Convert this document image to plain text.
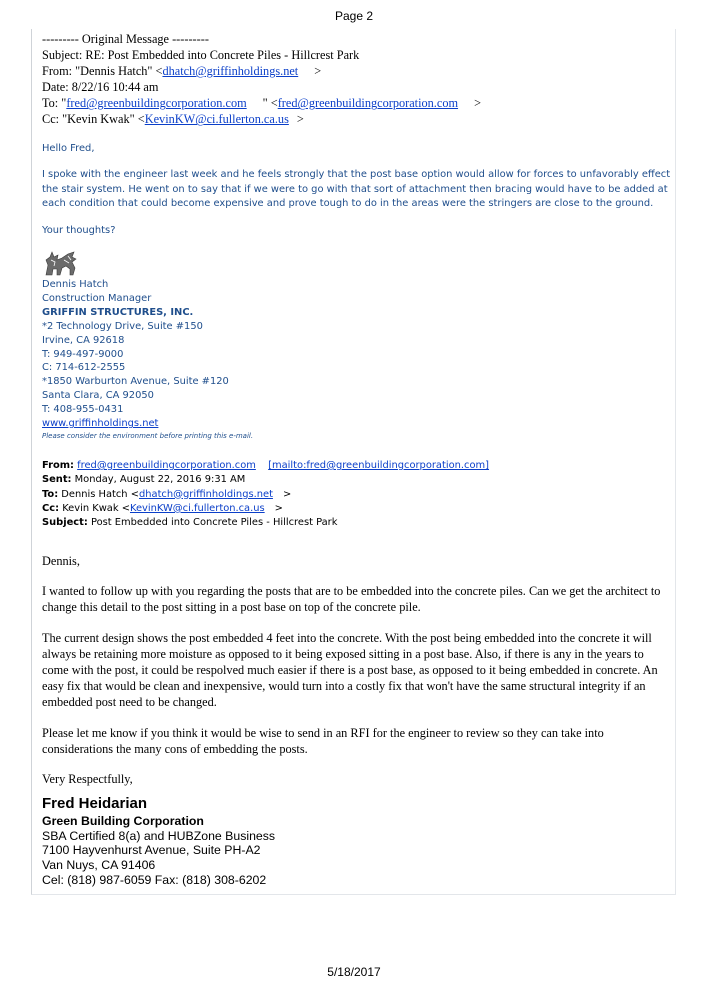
Page 2
--------- Original Message ---------
Subject: RE: Post Embedded into Concrete Piles - Hillcrest Park
From: "Dennis Hatch" <dhatch@griffinholdings.net >
Date: 8/22/16 10:44 am
To: "fred@greenbuildingcorporation.com " <fred@greenbuildingcorporation.com >
Cc: "Kevin Kwak" <KevinKW@ci.fullerton.ca.us >

Hello Fred,

I spoke with the engineer last week and he feels strongly that the post base option would allow for forces to unfavorably effect the stair system. He went on to say that if we were to go with that sort of attachment then bracing would have to be added at each condition that could become expensive and prove tough to do in the areas were the stringers are close to the ground.

Your thoughts?

Dennis Hatch
Construction Manager
GRIFFIN STRUCTURES, INC.
*2 Technology Drive, Suite #150
Irvine, CA 92618
T: 949-497-9000
C: 714-612-2555
*1850 Warburton Avenue, Suite #120
Santa Clara, CA 92050
T: 408-955-0431
www.griffinholdings.net
Please consider the environment before printing this e-mail.
From: fred@greenbuildingcorporation.com [mailto:fred@greenbuildingcorporation.com]
Sent: Monday, August 22, 2016 9:31 AM
To: Dennis Hatch <dhatch@griffinholdings.net >
Cc: Kevin Kwak <KevinKW@ci.fullerton.ca.us >
Subject: Post Embedded into Concrete Piles - Hillcrest Park

Dennis,

I wanted to follow up with you regarding the posts that are to be embedded into the concrete piles. Can we get the architect to change this detail to the post sitting in a post base on top of the concrete pile.

The current design shows the post embedded 4 feet into the concrete. With the post being embedded into the concrete it will always be retaining more moisture as opposed to it being exposed sitting in a post base. Also, if there is any in the years to come with the post, it could be respolved much easier if there is a post base, as opposed to it being embedded in concrete. An easy fix that would be clean and inexpensive, would turn into a costly fix that won't have the same structural integrity if an embedded post need to be changed.

Please let me know if you think it would be wise to send in an RFI for the engineer to review so they can take into considerations the many cons of embedding the posts.

Very Respectfully,

Fred Heidarian
Green Building Corporation
SBA Certified 8(a) and HUBZone Business
7100 Hayvenhurst Avenue, Suite PH-A2
Van Nuys, CA 91406
Cel: (818) 987-6059 Fax: (818) 308-6202
5/18/2017
